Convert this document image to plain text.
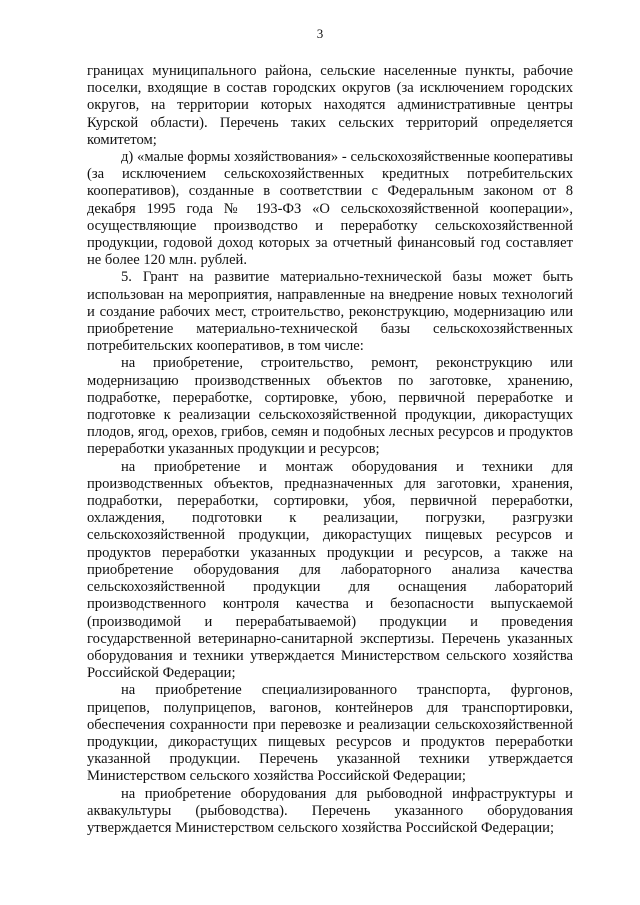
3

границах муниципального района, сельские населенные пункты, рабочие поселки, входящие в состав городских округов (за исключением городских округов, на территории которых находятся административные центры Курской области). Перечень таких сельских территорий определяется комитетом;

д) «малые формы хозяйствования» - сельскохозяйственные кооперативы (за исключением сельскохозяйственных кредитных потребительских кооперативов), созданные в соответствии с Федеральным законом от 8 декабря 1995 года № 193-ФЗ «О сельскохозяйственной кооперации», осуществляющие производство и переработку сельскохозяйственной продукции, годовой доход которых за отчетный финансовый год составляет не более 120 млн. рублей.

5. Грант на развитие материально-технической базы может быть использован на мероприятия, направленные на внедрение новых технологий и создание рабочих мест, строительство, реконструкцию, модернизацию или приобретение материально-технической базы сельскохозяйственных потребительских кооперативов, в том числе:

на приобретение, строительство, ремонт, реконструкцию или модернизацию производственных объектов по заготовке, хранению, подработке, переработке, сортировке, убою, первичной переработке и подготовке к реализации сельскохозяйственной продукции, дикорастущих плодов, ягод, орехов, грибов, семян и подобных лесных ресурсов и продуктов переработки указанных продукции и ресурсов;

на приобретение и монтаж оборудования и техники для производственных объектов, предназначенных для заготовки, хранения, подработки, переработки, сортировки, убоя, первичной переработки, охлаждения, подготовки к реализации, погрузки, разгрузки сельскохозяйственной продукции, дикорастущих пищевых ресурсов и продуктов переработки указанных продукции и ресурсов, а также на приобретение оборудования для лабораторного анализа качества сельскохозяйственной продукции для оснащения лабораторий производственного контроля качества и безопасности выпускаемой (производимой и перерабатываемой) продукции и проведения государственной ветеринарно-санитарной экспертизы. Перечень указанных оборудования и техники утверждается Министерством сельского хозяйства Российской Федерации;

на приобретение специализированного транспорта, фургонов, прицепов, полуприцепов, вагонов, контейнеров для транспортировки, обеспечения сохранности при перевозке и реализации сельскохозяйственной продукции, дикорастущих пищевых ресурсов и продуктов переработки указанной продукции. Перечень указанной техники утверждается Министерством сельского хозяйства Российской Федерации;

на приобретение оборудования для рыбоводной инфраструктуры и аквакультуры (рыбоводства). Перечень указанного оборудования утверждается Министерством сельского хозяйства Российской Федерации;
